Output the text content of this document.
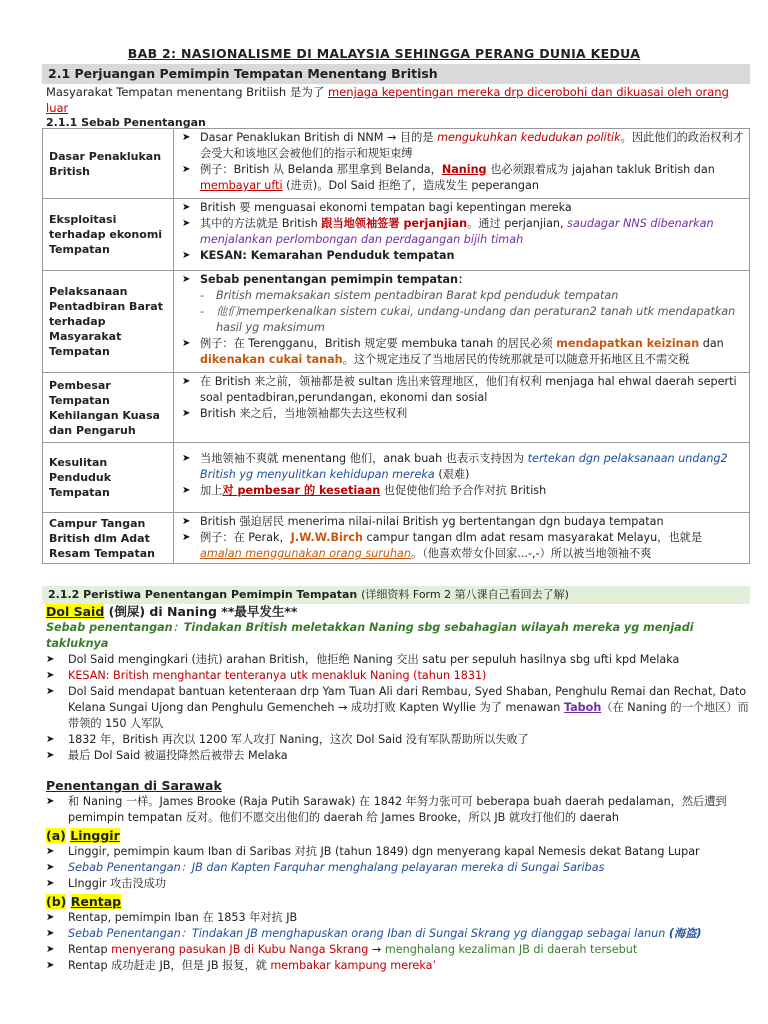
BAB 2: NASIONALISME DI MALAYSIA SEHINGGA PERANG DUNIA KEDUA
2.1 Perjuangan Pemimpin Tempatan Menentang British
Masyarakat Tempatan menentang Britiish 是为了 menjaga kepentingan mereka drp dicerobohi dan dikuasai oleh orang luar
2.1.1 Sebab Penentangan
Dasar Penaklukan British	➤ Dasar Penaklukan British di NNM → 目的是 mengukuhkan kedudukan politik。因此他们的政治权利才会受大和该地区会被他们的指示和规矩束缚
➤ 例子：British 从 Belanda 那里拿到 Belanda，Naning 也必须跟着成为 jajahan takluk British dan membayar ufti (进贡)。Dol Said 拒绝了，造成发生 peperangan

Eksploitasi terhadap ekonomi Tempatan	➤ British 要 menguasai ekonomi tempatan bagi kepentingan mereka
➤ 其中的方法就是 British 跟当地领袖签署 perjanjian。通过 perjanjian, saudagar NNS dibenarkan menjalankan perlombongan dan perdagangan bijih timah
➤ KESAN: Kemarahan Penduduk tempatan

Pelaksanaan Pentadbiran Barat terhadap Masyarakat Tempatan	➤ Sebab penentangan pemimpin tempatan：
- British memaksakan sistem pentadbiran Barat kpd penduduk tempatan
- 他们memperkenalkan sistem cukai, undang-undang dan peraturan2 tanah utk mendapatkan hasil yg maksimum
➤ 例子：在 Terengganu，British 规定要 membuka tanah 的居民必须 mendapatkan keizinan dan dikenakan cukai tanah。这个规定违反了当地居民的传统那就是可以随意开拓地区且不需交税

Pembesar Tempatan Kehilangan Kuasa dan Pengaruh	➤ 在 British 来之前，领袖都是被 sultan 选出来管理地区，他们有权利 menjaga hal ehwal daerah seperti soal pentadbiran,perundangan, ekonomi dan sosial
➤ British 来之后，当地领袖都失去这些权利

Kesulitan Penduduk Tempatan	➤ 当地领袖不爽就 menentang 他们，anak buah 也表示支持因为 tertekan dgn pelaksanaan undang2 British yg menyulitkan kehidupan mereka (艰难)
➤ 加上对 pembesar 的 kesetiaan 也促使他们给予合作对抗 British

Campur Tangan British dlm Adat Resam Tempatan	➤ British 强迫居民 menerima nilai-nilai British yg bertentangan dgn budaya tempatan
➤ 例子：在 Perak，J.W.W.Birch campur tangan dlm adat resam masyarakat Melayu，也就是 amalan menggunakan orang suruhan。（他喜欢带女仆回家...-,-）所以被当地领袖不爽
2.1.2 Peristiwa Penentangan Pemimpin Tempatan (详细资料 Form 2 第八课自己看回去了解)
Dol Said (倒屎) di Naning **最早发生**
Sebab penentangan：Tindakan British meletakkan Naning sbg sebahagian wilayah mereka yg menjadi takluknya
➤ Dol Said mengingkari (违抗) arahan British，他拒绝 Naning 交出 satu per sepuluh hasilnya sbg ufti kpd Melaka
➤ KESAN: British menghantar tenteranya utk menakluk Naning (tahun 1831)
➤ Dol Said mendapat bantuan ketenteraan drp Yam Tuan Ali dari Rembau, Syed Shaban, Penghulu Remai dan Rechat, Dato Kelana Sungai Ujong dan Penghulu Gemencheh → 成功打败 Kapten Wyllie 为了 menawan Taboh（在 Naning 的一个地区）而带领的 150 人军队
➤ 1832 年，British 再次以 1200 军人攻打 Naning，这次 Dol Said 没有军队帮助所以失败了
➤ 最后 Dol Said 被逼投降然后被带去 Melaka
Penentangan di Sarawak
➤ 和 Naning 一样。James Brooke (Raja Putih Sarawak) 在 1842 年努力张可可 beberapa buah daerah pedalaman，然后遭到 pemimpin tempatan 反对。他们不愿交出他们的 daerah 给 James Brooke，所以 JB 就攻打他们的 daerah
(a) Linggir
➤ Linggir, pemimpin kaum Iban di Saribas 对抗 JB (tahun 1849) dgn menyerang kapal Nemesis dekat Batang Lupar
➤ Sebab Penentangan：JB dan Kapten Farquhar menghalang pelayaran mereka di Sungai Saribas
➤ LInggir 攻击没成功
(b) Rentap
➤ Rentap, pemimpin Iban 在 1853 年对抗 JB
➤ Sebab Penentangan：Tindakan JB menghapuskan orang Iban di Sungai Skrang yg dianggap sebagai lanun (海盗)
➤ Rentap menyerang pasukan JB di Kubu Nanga Skrang → menghalang kezaliman JB di daerah tersebut
➤ Rentap 成功赶走 JB，但是 JB 报复，就 membakar kampung mereka’
